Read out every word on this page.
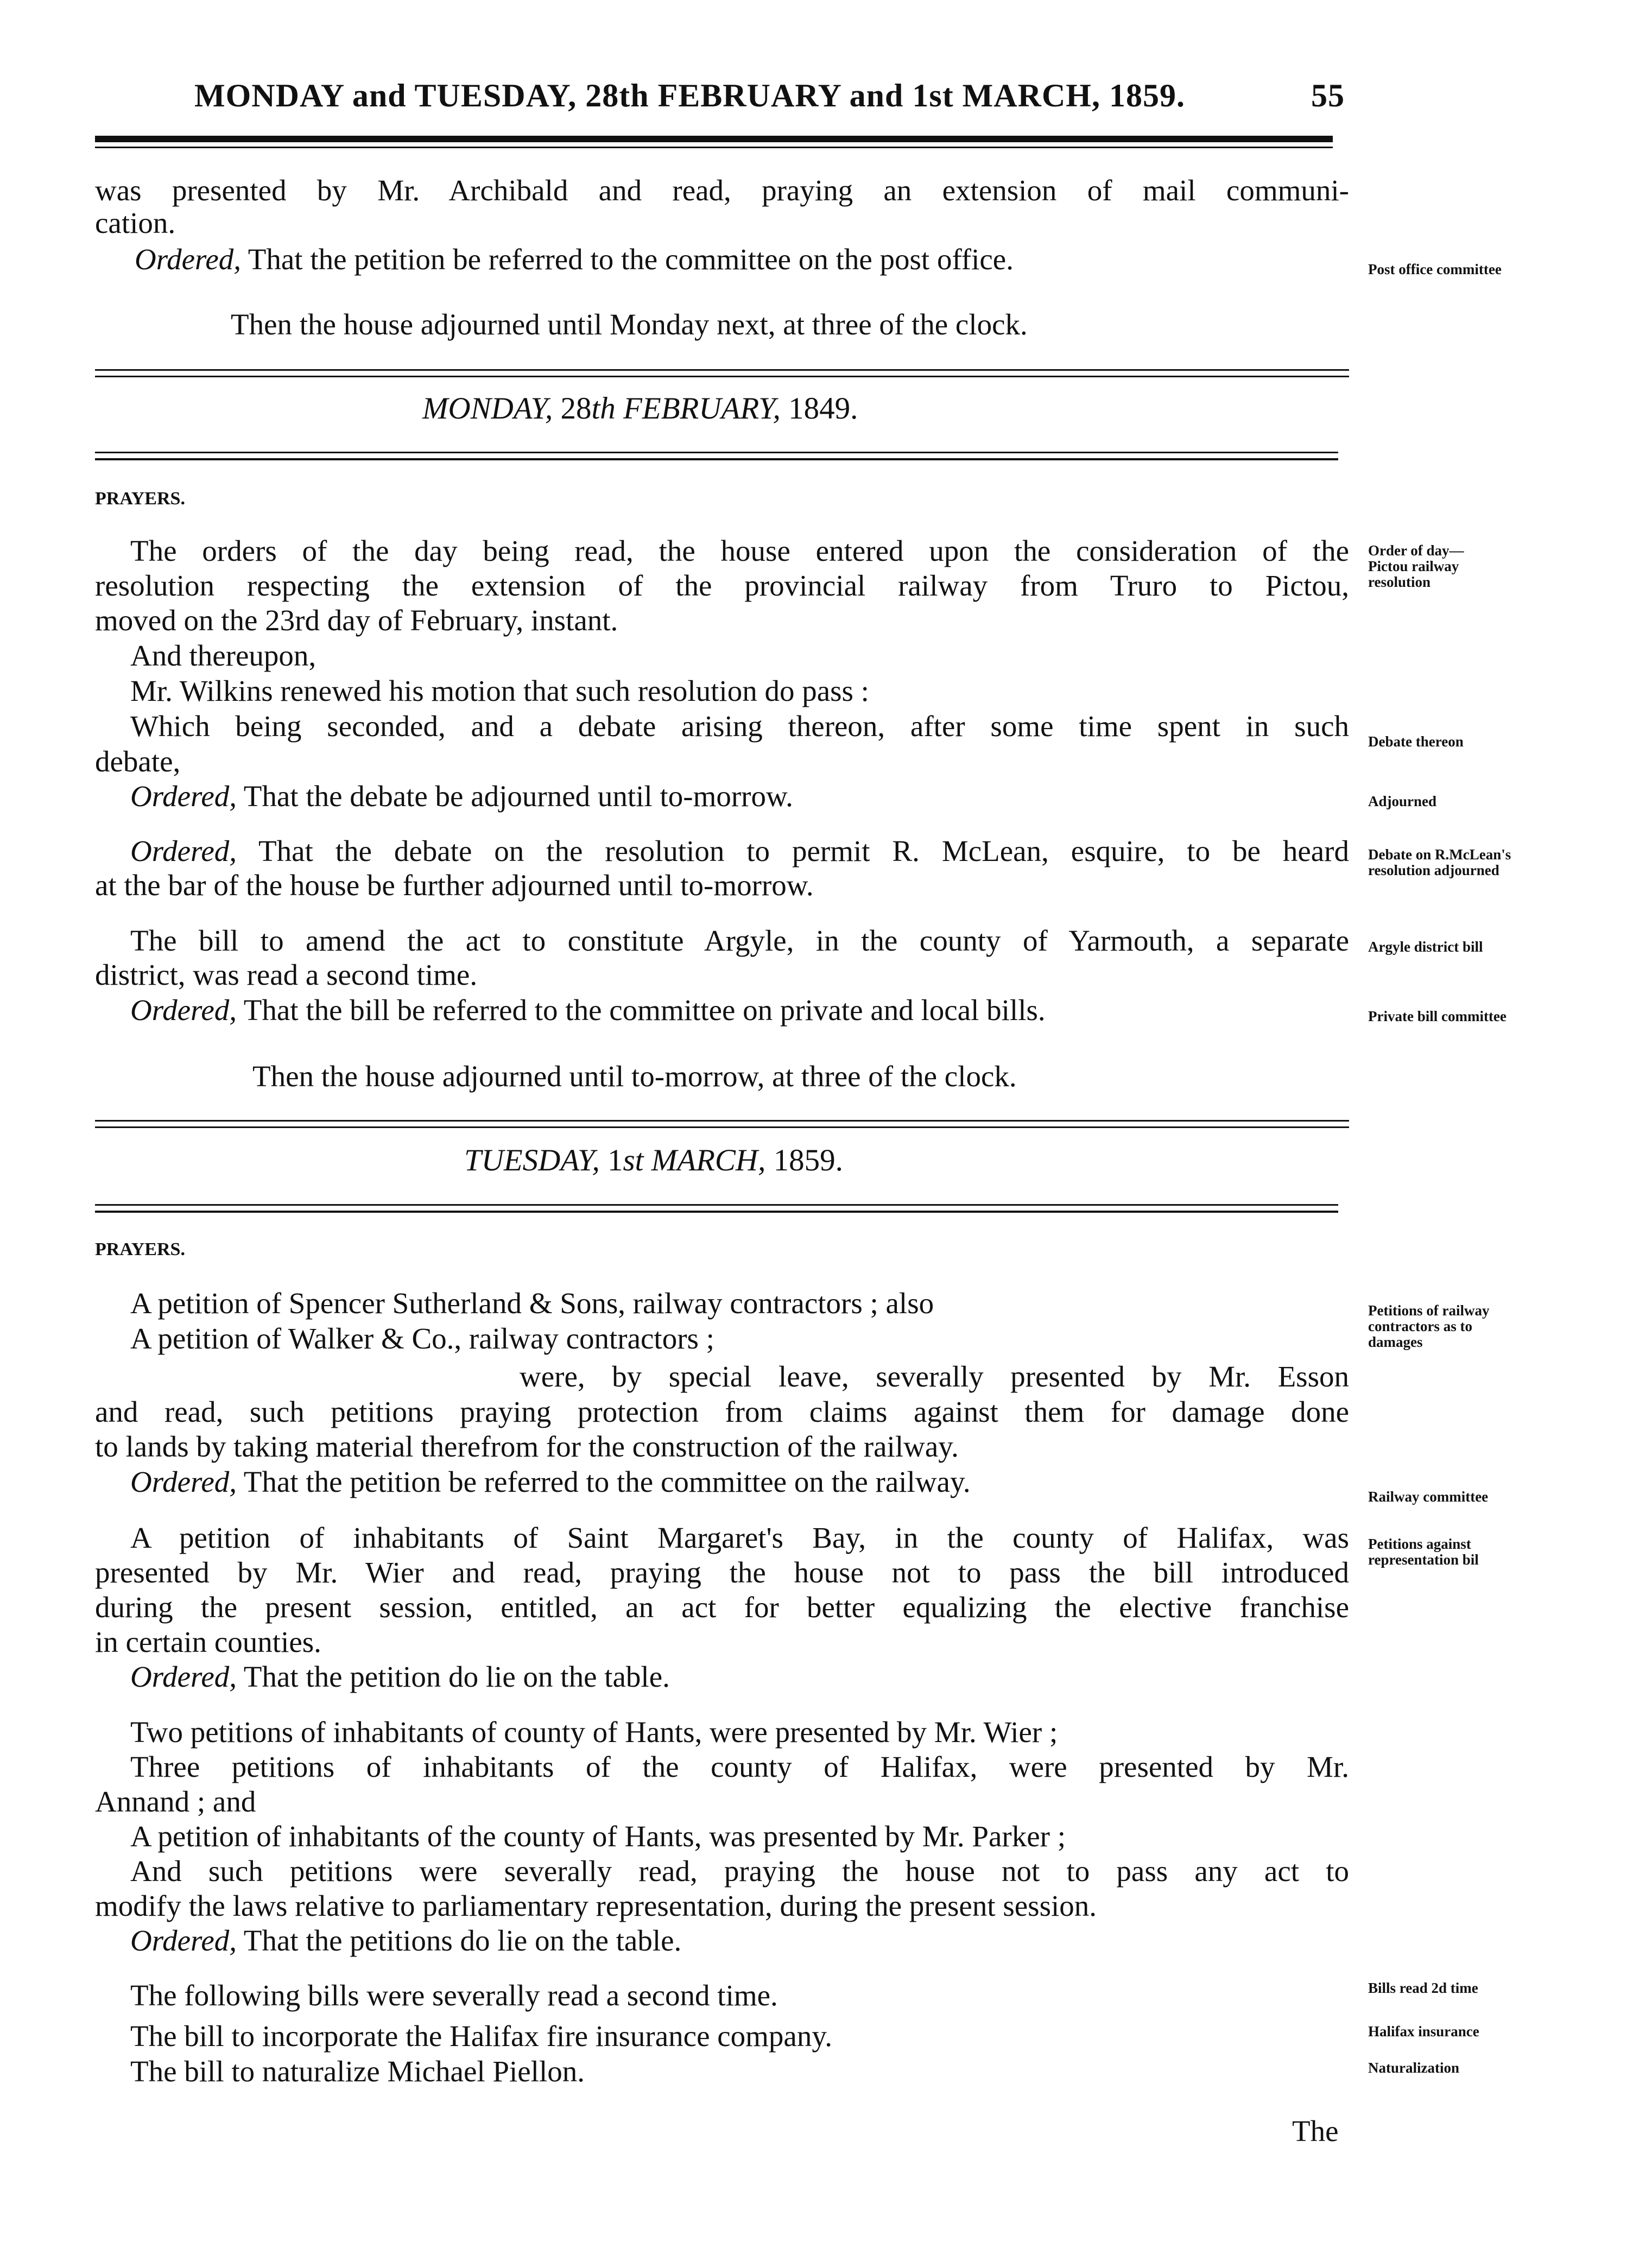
MONDAY and TUESDAY, 28th FEBRUARY and 1st MARCH, 1859.	55
was presented by Mr. Archibald and read, praying an extension of mail communi-
cation.
Ordered, That the petition be referred to the committee on the post office.	Post office committee
Then the house adjourned until Monday next, at three of the clock.
MONDAY, 28th FEBRUARY, 1849.
PRAYERS.
The orders of the day being read, the house entered upon the consideration of the
resolution respecting the extension of the provincial railway from Truro to Pictou,
moved on the 23rd day of February, instant.
And thereupon,
Mr. Wilkins renewed his motion that such resolution do pass :
Which being seconded, and a debate arising thereon, after some time spent in such
debate,
Ordered, That the debate be adjourned until to-morrow.
Ordered, That the debate on the resolution to permit R. McLean, esquire, to be heard
at the bar of the house be further adjourned until to-morrow.
The bill to amend the act to constitute Argyle, in the county of Yarmouth, a separate
district, was read a second time.
Ordered, That the bill be referred to the committee on private and local bills.
Then the house adjourned until to-morrow, at three of the clock.
Order of day—
Pictou railway
resolution
Debate thereon
Adjourned
Debate on R.McLean's
resolution adjourned
Argyle district bill
Private bill committee
TUESDAY, 1st MARCH, 1859.
PRAYERS.
A petition of Spencer Sutherland & Sons, railway contractors ; also
A petition of Walker & Co., railway contractors ;
were, by special leave, severally presented by Mr. Esson
and read, such petitions praying protection from claims against them for damage done
to lands by taking material therefrom for the construction of the railway.
Ordered, That the petition be referred to the committee on the railway.
A petition of inhabitants of Saint Margaret's Bay, in the county of Halifax, was
presented by Mr. Wier and read, praying the house not to pass the bill introduced
during the present session, entitled, an act for better equalizing the elective franchise
in certain counties.
Ordered, That the petition do lie on the table.
Two petitions of inhabitants of county of Hants, were presented by Mr. Wier ;
Three petitions of inhabitants of the county of Halifax, were presented by Mr.
Annand ; and
A petition of inhabitants of the county of Hants, was presented by Mr. Parker ;
And such petitions were severally read, praying the house not to pass any act to
modify the laws relative to parliamentary representation, during the present session.
Ordered, That the petitions do lie on the table.
The following bills were severally read a second time.
The bill to incorporate the Halifax fire insurance company.
The bill to naturalize Michael Piellon.
The
Petitions of railway
contractors as to
damages
Railway committee
Petitions against
representation bil
Bills read 2d time
Halifax insurance
Naturalization
